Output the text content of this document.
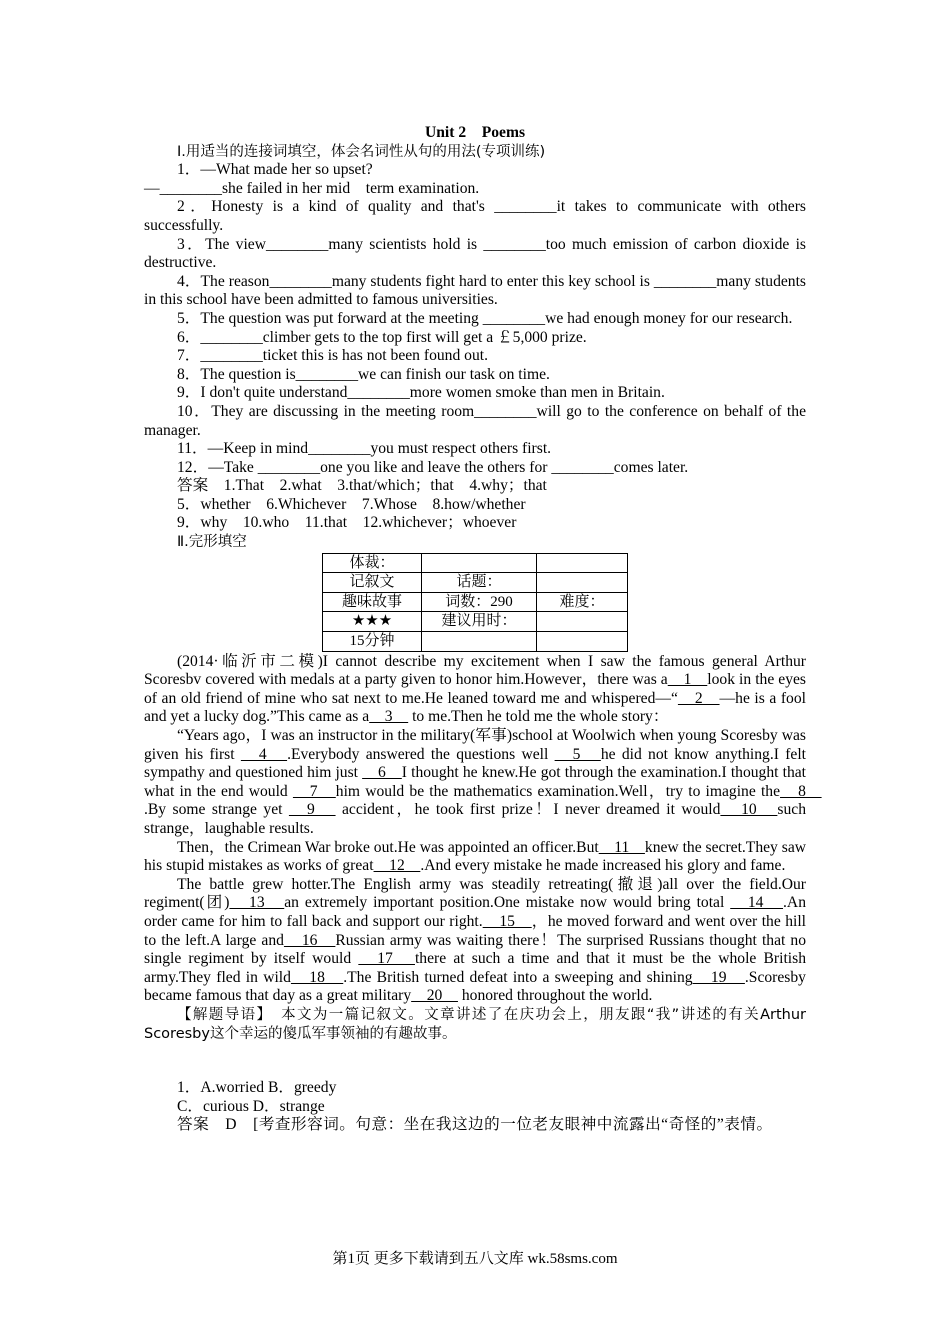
Unit 2　Poems

Ⅰ.用适当的连接词填空，体会名词性从句的用法(专项训练)

1．—What made her so upset?

—________she failed in her mid　term examination.

2．Honesty is a kind of quality and that's ________it takes to communicate with others successfully.

3．The view________many scientists hold is ________too much emission of carbon dioxide is destructive.

4．The reason________many students fight hard to enter this key school is ________many students in this school have been admitted to famous universities.

5．The question was put forward at the meeting ________we had enough money for our research.

6．________climber gets to the top first will get a ￡5,000 prize.

7．________ticket this is has not been found out.

8．The question is________we can finish our task on time.

9．I don't quite understand________more women smoke than men in Britain.

10．They are discussing in the meeting room________will go to the conference on behalf of the manager.

11．—Keep in mind________you must respect others first.

12．—Take ________one you like and leave the others for ________comes later.

答案　1.That　2.what　3.that/which；that　4.why；that

5．whether　6.Whichever　7.Whose　8.how/whether

9．why　10.who　11.that　12.whichever；whoever

Ⅱ.完形填空

体裁：		
记叙文	话题：	
趣味故事	词数：290	难度：
★★★	建议用时：	
15分钟		

(2014·临沂市二模)I cannot describe my excitement when I saw the famous general Arthur Scoresbv covered with medals at a party given to honor him.However，there was a　1　look in the eyes of an old friend of mine who sat next to me.He leaned toward me and whispered—“　2　—he is a fool and yet a lucky dog.”This came as a　3　 to me.Then he told me the whole story：

“Years ago，I was an instructor in the military(军事)school at Woolwich when young Scoresby was given his first 　4　.Everybody answered the questions well 　5　he did not know anything.I felt sympathy and questioned him just 　6　I thought he knew.He got through the examination.I thought that what in the end would 　7　him would be the mathematics examination.Well，try to imagine the　8　.By some strange yet 　9　 accident，he took first prize！I never dreamed it would　10　such strange，laughable results.

Then，the Crimean War broke out.He was appointed an officer.But　11　knew the secret.They saw his stupid mistakes as works of great　12　.And every mistake he made increased his glory and fame.

The battle grew hotter.The English army was steadily retreating(撤退)all over the field.Our regiment(团)　13　an extremely important position.One mistake now would bring total 　14　.An order came for him to fall back and support our right.　15　，he moved forward and went over the hill to the left.A large and　16　Russian army was waiting there！The surprised Russians thought that no single regiment by itself would 　17　there at such a time and that it must be the whole British army.They fled in wild　18　.The British turned defeat into a sweeping and shining　19　.Scoresby became famous that day as a great military　20　 honored throughout the world.

【解题导语】　本文为一篇记叙文。文章讲述了在庆功会上，朋友跟“我”讲述的有关Arthur Scoresby这个幸运的傻瓜军事领袖的有趣故事。

1．A.worried B．greedy

C．curious D．strange

答案　D　[考查形容词。句意：坐在我这边的一位老友眼神中流露出“奇怪的”表情。

第1页 更多下载请到五八文库 wk.58sms.com
